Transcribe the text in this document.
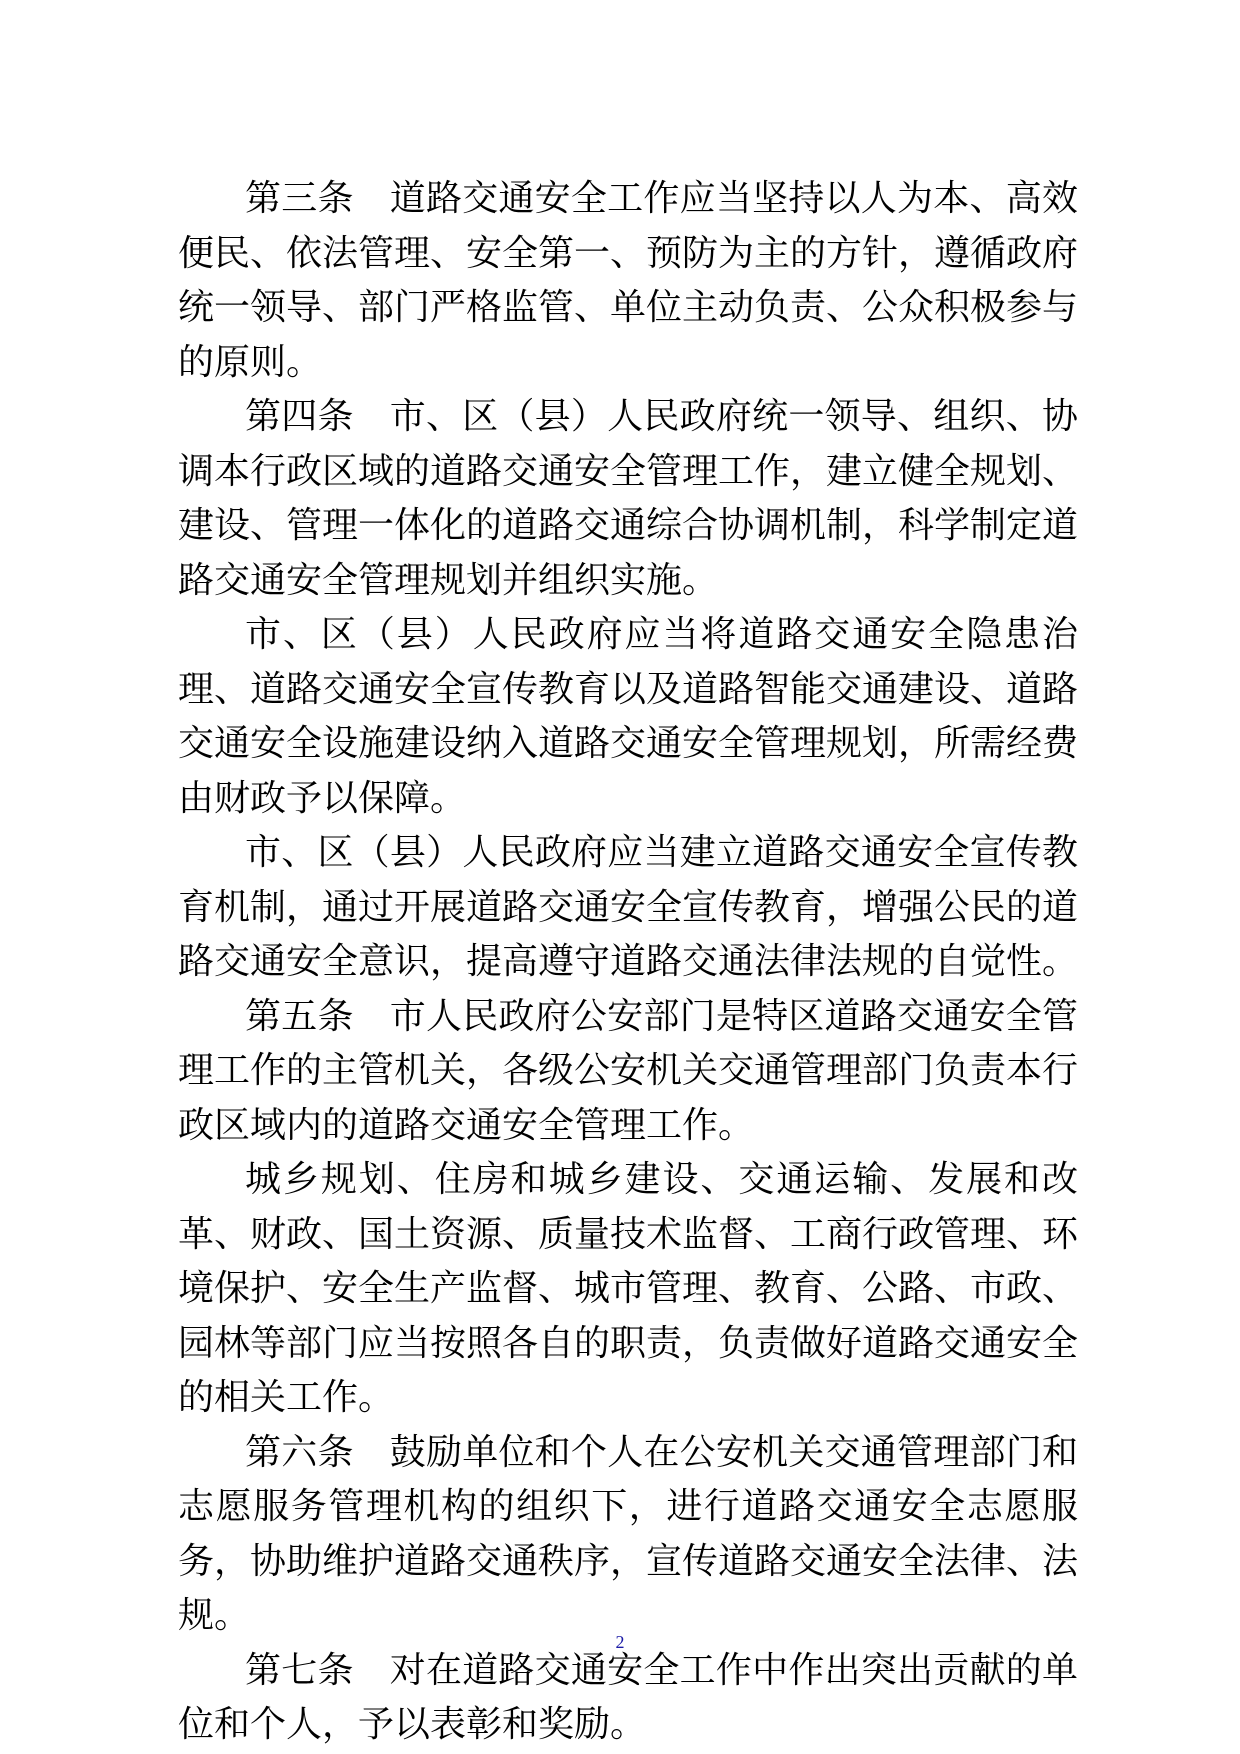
第三条 道路交通安全工作应当坚持以人为本、高效便民、依法管理、安全第一、预防为主的方针，遵循政府统一领导、部门严格监管、单位主动负责、公众积极参与的原则。

第四条 市、区（县）人民政府统一领导、组织、协调本行政区域的道路交通安全管理工作，建立健全规划、建设、管理一体化的道路交通综合协调机制，科学制定道路交通安全管理规划并组织实施。

市、区（县）人民政府应当将道路交通安全隐患治理、道路交通安全宣传教育以及道路智能交通建设、道路交通安全设施建设纳入道路交通安全管理规划，所需经费由财政予以保障。

市、区（县）人民政府应当建立道路交通安全宣传教育机制，通过开展道路交通安全宣传教育，增强公民的道路交通安全意识，提高遵守道路交通法律法规的自觉性。

第五条 市人民政府公安部门是特区道路交通安全管理工作的主管机关，各级公安机关交通管理部门负责本行政区域内的道路交通安全管理工作。

城乡规划、住房和城乡建设、交通运输、发展和改革、财政、国土资源、质量技术监督、工商行政管理、环境保护、安全生产监督、城市管理、教育、公路、市政、园林等部门应当按照各自的职责，负责做好道路交通安全的相关工作。

第六条 鼓励单位和个人在公安机关交通管理部门和志愿服务管理机构的组织下，进行道路交通安全志愿服务，协助维护道路交通秩序，宣传道路交通安全法律、法规。

第七条 对在道路交通安全工作中作出突出贡献的单位和个人，予以表彰和奖励。

2
